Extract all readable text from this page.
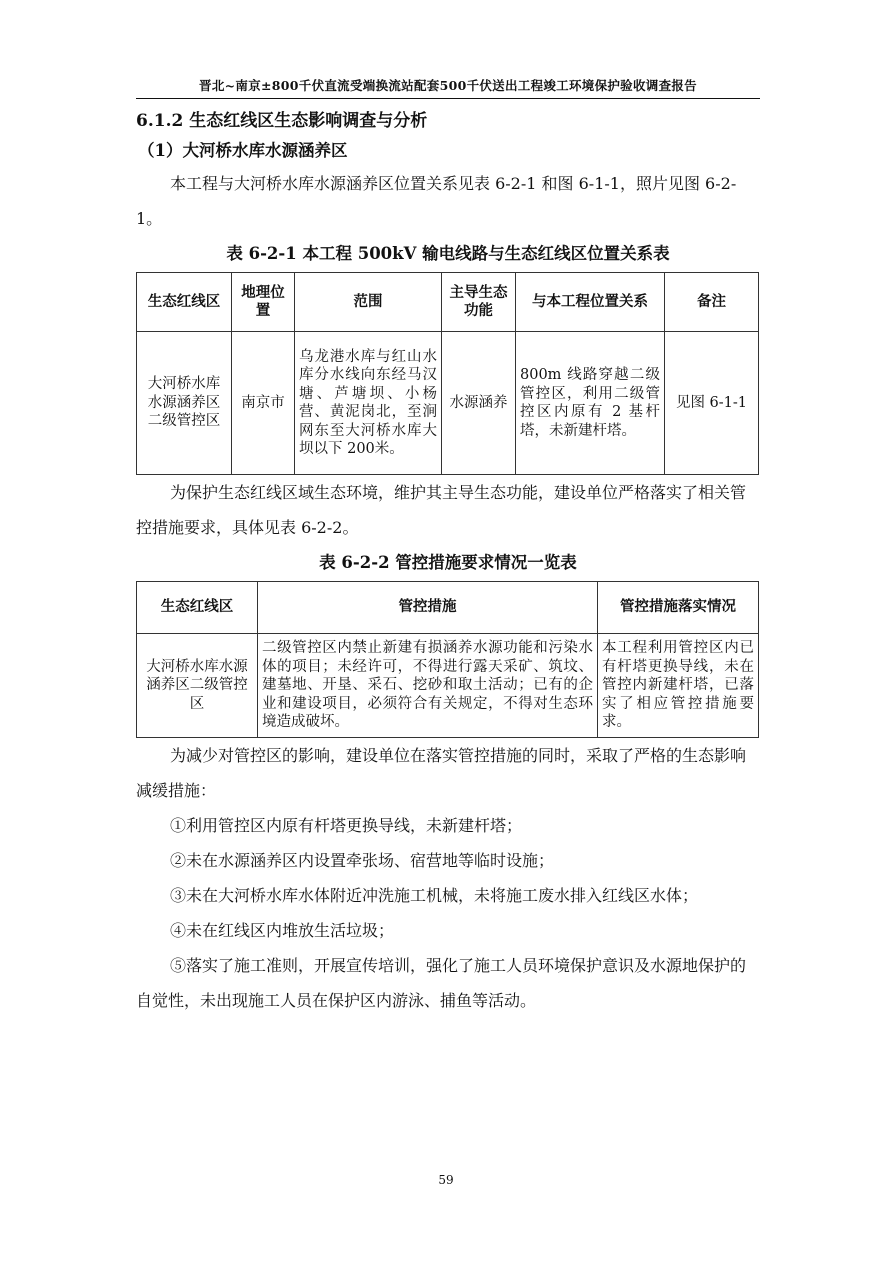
晋北~南京±800千伏直流受端换流站配套500千伏送出工程竣工环境保护验收调查报告
6.1.2 生态红线区生态影响调查与分析
（1）大河桥水库水源涵养区

本工程与大河桥水库水源涵养区位置关系见表 6-2-1 和图 6-1-1，照片见图 6-2-1。

表 6-2-1 本工程 500kV 输电线路与生态红线区位置关系表
生态红线区	地理位置	范围	主导生态功能	与本工程位置关系	备注
大河桥水库水源涵养区二级管控区	南京市	乌龙港水库与红山水库分水线向东经马汉塘、芦塘坝、小杨营、黄泥岗北，至涧网东至大河桥水库大坝以下 200米。	水源涵养	800m 线路穿越二级管控区，利用二级管控区内原有 2 基杆塔，未新建杆塔。	见图 6-1-1

为保护生态红线区域生态环境，维护其主导生态功能，建设单位严格落实了相关管控措施要求，具体见表 6-2-2。

表 6-2-2 管控措施要求情况一览表
生态红线区	管控措施	管控措施落实情况
大河桥水库水源涵养区二级管控区	二级管控区内禁止新建有损涵养水源功能和污染水体的项目；未经许可，不得进行露天采矿、筑坟、建墓地、开垦、采石、挖砂和取土活动；已有的企业和建设项目，必须符合有关规定，不得对生态环境造成破坏。	本工程利用管控区内已有杆塔更换导线，未在管控内新建杆塔，已落实了相应管控措施要求。

为减少对管控区的影响，建设单位在落实管控措施的同时，采取了严格的生态影响减缓措施：

①利用管控区内原有杆塔更换导线，未新建杆塔；

②未在水源涵养区内设置牵张场、宿营地等临时设施；

③未在大河桥水库水体附近冲洗施工机械，未将施工废水排入红线区水体；

④未在红线区内堆放生活垃圾；

⑤落实了施工准则，开展宣传培训，强化了施工人员环境保护意识及水源地保护的自觉性，未出现施工人员在保护区内游泳、捕鱼等活动。

59
